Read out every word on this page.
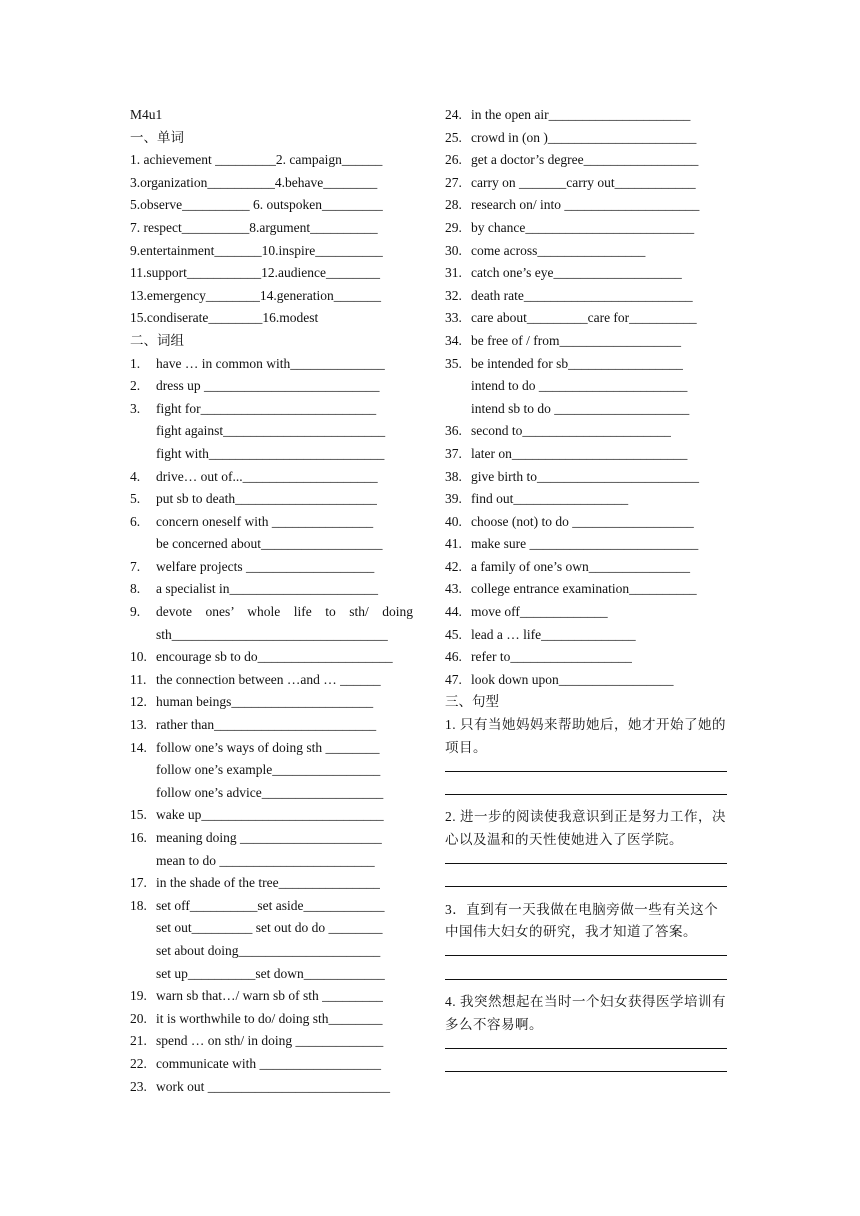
M4u1
一、单词
1. achievement _________2. campaign______
3.organization__________4.behave________
5.observe__________ 6. outspoken_________
7. respect__________8.argument__________
9.entertainment_______10.inspire__________
11.support___________12.audience________
13.emergency________14.generation_______
15.condiserate________16.modest
二、词组
1. have … in common with______________
2. dress up __________________________
3. fight for__________________________
fight against________________________
fight with__________________________
4. drive… out of...____________________
5. put sb to death_____________________
6. concern oneself with _______________
be concerned about__________________
7. welfare projects ___________________
8. a specialist in______________________
9. devote ones’ whole life to sth/ doing
sth________________________________
10. encourage sb to do____________________
11. the connection between …and … ______
12. human beings_____________________
13. rather than________________________
14. follow one’s ways of doing sth ________
follow one’s example________________
follow one’s advice__________________
15. wake up___________________________
16. meaning doing _____________________
mean to do _______________________
17. in the shade of the tree_______________
18. set off__________set aside____________
set out_________ set out do do ________
set about doing_____________________
set up__________set down____________
19. warn sb that…/ warn sb of sth _________
20. it is worthwhile to do/ doing sth________
21. spend … on sth/ in doing _____________
22. communicate with __________________
23. work out ___________________________
24. in the open air_____________________
25. crowd in (on )______________________
26. get a doctor’s degree_________________
27. carry on _______carry out____________
28. research on/ into ____________________
29. by chance_________________________
30. come across________________
31. catch one’s eye___________________
32. death rate_________________________
33. care about_________care for__________
34. be free of / from__________________
35. be intended for sb_________________
intend to do ______________________
intend sb to do ____________________
36. second to______________________
37. later on__________________________
38. give birth to________________________
39. find out_________________
40. choose (not) to do __________________
41. make sure _________________________
42. a family of one’s own_______________
43. college entrance examination__________
44. move off_____________
45. lead a … life______________
46. refer to__________________
47. look down upon_________________
三、句型
1. 只有当她妈妈来帮助她后，她才开始了她的项目。
2. 进一步的阅读使我意识到正是努力工作，决心以及温和的天性使她进入了医学院。
3．直到有一天我做在电脑旁做一些有关这个中国伟大妇女的研究，我才知道了答案。
4. 我突然想起在当时一个妇女获得医学培训有多么不容易啊。
